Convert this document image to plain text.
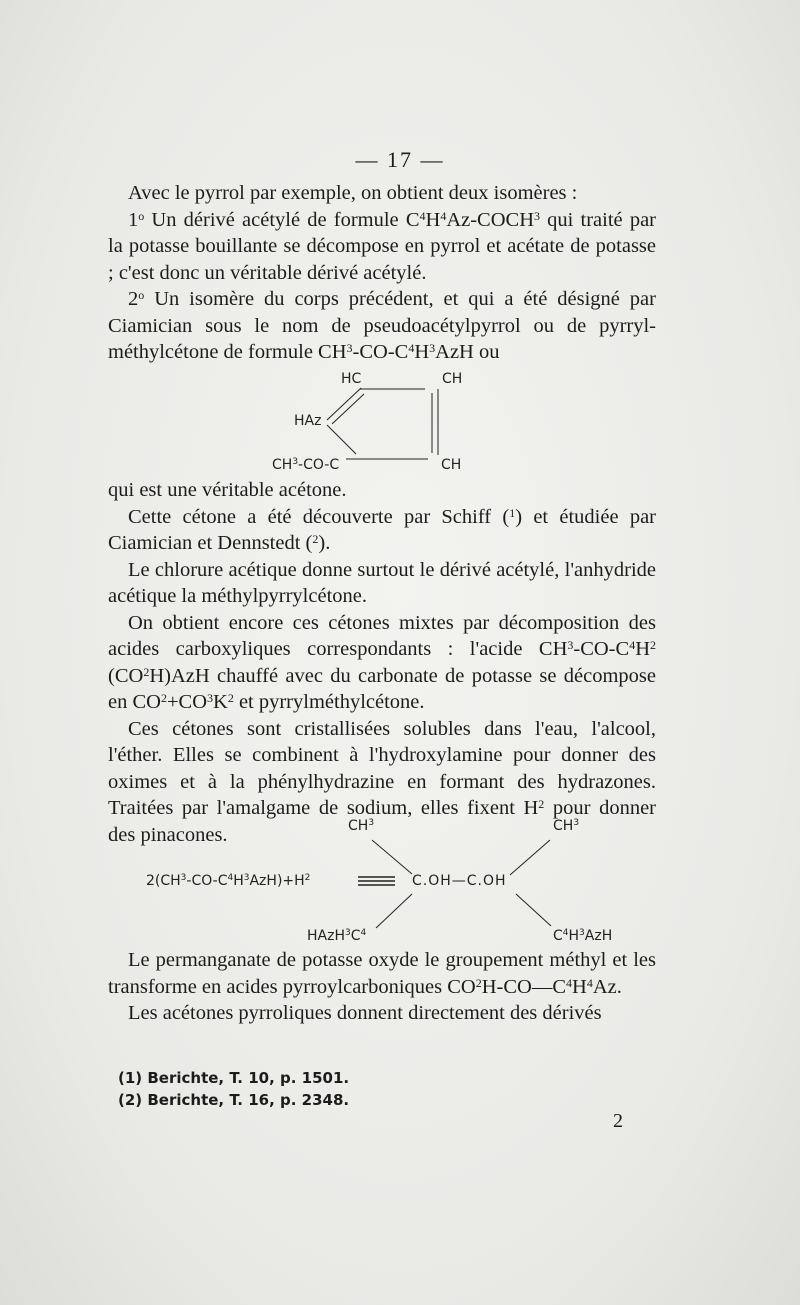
— 17 —

Avec le pyrrol par exemple, on obtient deux isomères :

1$^o$ Un dérivé acétylé de formule $C^4H^4Az-COCH^3$ qui traité par la potasse bouillante se décompose en pyrrol et acétate de potasse ; c'est donc un véritable dérivé acétylé.

2$^o$ Un isomère du corps précédent, et qui a été désigné par Ciamician sous le nom de pseudoacétylpyrrol ou de pyrryl-méthylcétone de formule $CH^3-CO-C^4H^3AzH$ ou

HC	CH
HAz
$CH^3-CO-C$	CH

qui est une véritable acétone.

Cette cétone a été découverte par Schiff ($^1$) et étudiée par Ciamician et Dennstedt ($^2$).

Le chlorure acétique donne surtout le dérivé acétylé, l'anhydride acétique la méthylpyrrylcétone.

On obtient encore ces cétones mixtes par décomposition des acides carboxyliques correspondants : l'acide $CH^3-CO-C^4H^2$ $(CO^2H)AzH$ chauffé avec du carbonate de potasse se décompose en $CO^2+CO^3K^2$ et pyrrylméthylcétone.

Ces cétones sont cristallisées solubles dans l'eau, l'alcool, l'éther. Elles se combinent à l'hydroxylamine pour donner des oximes et à la phénylhydrazine en formant des hydrazones. Traitées par l'amalgame de sodium, elles fixent $H^2$ pour donner des pinacones.	$CH^3$	$CH^3$
$2(CH^3-CO-C^4H^3AzH)+H^2$	C.OH—C.OH
$HAzH^3C^4$	$C^4H^3AzH$

Le permanganate de potasse oxyde le groupement méthyl et les transforme en acides pyrroylcarboniques $CO^2H-CO—C^4H^4Az$.

Les acétones pyrroliques donnent directement des dérivés

(1) Berichte, T. 10, p. 1501.
(2) Berichte, T. 16, p. 2348.
2
